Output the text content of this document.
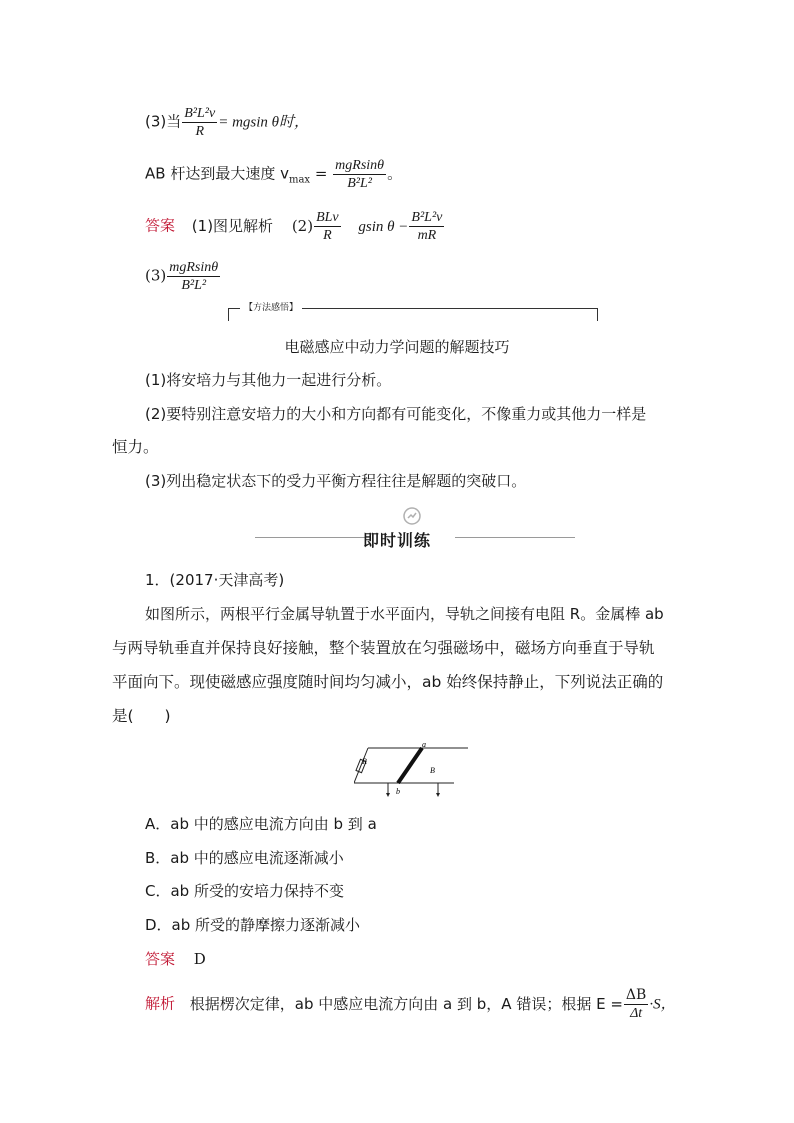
(3)当 $\frac{\text{B²L²v}}{R} = mgsin$ θ时，
AB 杆达到最大速度 $v_{max} = \frac{\text{mgRsinθ}}{\text{B²L²}}$ 。
答案 (1)图见解析 $(2) \frac{\text{BLv}}{R}$ gsin $\theta - \frac{\text{B²L²v}}{mR}$
$(3) \frac{\text{mgRsinθ}}{\text{B²L²}}$
【方法感悟】
电磁感应中动力学问题的解题技巧
(1)将安培力与其他力一起进行分析。
(2)要特别注意安培力的大小和方向都有可能变化，不像重力或其他力一样是
恒力。
(3)列出稳定状态下的受力平衡方程往往是解题的突破口。
即时训练
1．(2017·天津高考)
如图所示，两根平行金属导轨置于水平面内，导轨之间接有电阻 R。金属棒 ab
与两导轨垂直并保持良好接触，整个装置放在匀强磁场中，磁场方向垂直于导轨
平面向下。现使磁感应强度随时间均匀减小，ab 始终保持静止，下列说法正确的
是(　　)
R
a
b
B
A．ab 中的感应电流方向由 b 到 a
B．ab 中的感应电流逐渐减小
C．ab 所受的安培力保持不变
D．ab 所受的静摩擦力逐渐减小
答案 D
解析 根据楞次定律，ab 中感应电流方向由 a 到 b，A 错误；根据 $E = \frac{\Delta B}{\Delta t} \cdot S$，
